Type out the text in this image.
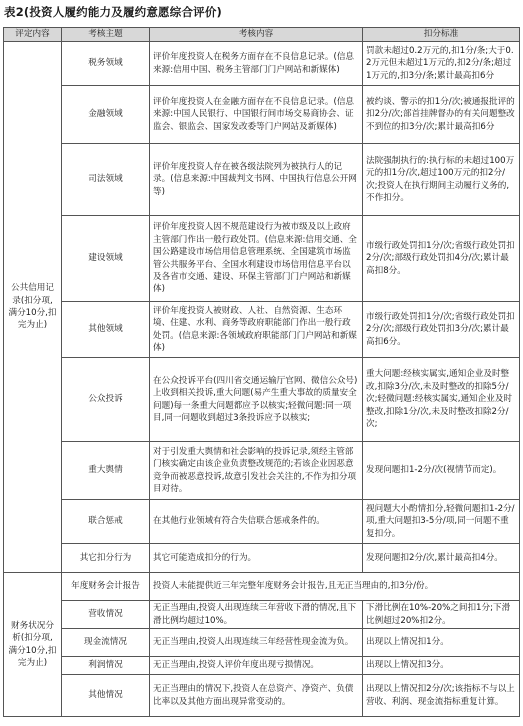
表2(投资人履约能力及履约意愿综合评价)
评定内容	考核主题	考核内容	扣分标准
公共信用记录(扣分项,满分10分,扣完为止)	税务领域	评价年度投资人在税务方面存在不良信息记录。(信息来源:信用中国、税务主管部门门户网站和新媒体)	罚款未超过0.2万元的,扣1分/条;大于0.2万元但未超过1万元的,扣2分/条;超过1万元的,扣3分/条;累计最高扣6分
	金融领域	评价年度投资人在金融方面存在不良信息记录。(信息来源:中国人民银行、中国银行间市场交易商协会、证监会、银监会、国家发改委等门户网站及新媒体)	被约谈、警示的扣1分/次;被通报批评的扣2分/次;部首挂牌督办的有关问题整改不到位的扣3分/次;累计最高扣6分
	司法领域	评价年度投资人存在被各级法院列为被执行人的记录。(信息来源:中国裁判文书网、中国执行信息公开网等)	法院强制执行的:执行标的未超过100万元的扣1分/次,超过100万元的扣2分/次;投资人在执行期间主动履行义务的,不作扣分。
	建设领域	评价年度投资人因不规范建设行为被市级及以上政府主管部门作出一般行政处罚。(信息来源:信用交通、全国公路建设市场信用信息管理系统、全国建筑市场监管公共服务平台、全国水利建设市场信用信息平台以及各省市交通、建设、环保主管部门门户网站和新媒体)	市级行政处罚扣1分/次;省级行政处罚扣2分/次;部级行政处罚扣4分/次;累计最高扣8分。
	其他领域	评价年度投资人被财政、人社、自然资源、生态环境、住建、水利、商务等政府职能部门作出一般行政处罚。(信息来源:各领域政府职能部门门户网站和新媒体)	市级行政处罚扣1分/次;省级行政处罚扣2分/次;部级行政处罚扣3分/次;累计最高扣6分。
	公众投诉	在公众投诉平台(四川省交通运输厅官网、微信公众号)上收到相关投诉,重大问题(易产生重大事故的质量安全问题)每一条重大问题都应予以核实;轻微问题:同一项目,同一问题收到超过3条投诉应予以核实;	重大问题:经核实属实,通知企业及时整改,扣除3分/次,未及时整改的扣除5分/次;轻微问题:经核实属实,通知企业及时整改,扣除1分/次,未及时整改扣除2分/次;
	重大舆情	对于引发重大舆情和社会影响的投诉记录,须经主管部门核实确定由该企业负责整改规范的;若该企业因恶意竞争而被恶意投诉,故意引发社会关注的,不作为扣分项目对待。	发现问题扣1-2分/次(视情节而定)。
	联合惩戒	在其他行业领域有符合失信联合惩戒条件的。	视问题大小酌情扣分,轻微问题扣1-2分/项,重大问题扣3-5分/项,同一问题不重复扣分。
	其它扣分行为	其它可能造成扣分的行为。	发现问题扣2分/次,累计最高扣4分。
财务状况分析(扣分项,满分10分,扣完为止)	年度财务会计报告	投资人未能提供近三年完整年度财务会计报告,且无正当理由的,扣3分/份。	
	营收情况	无正当理由,投资人出现连续三年营收下滑的情况,且下滑比例均超过10%。	下滑比例在10%-20%之间扣1分;下滑比例超过20%扣2分。
	现金流情况	无正当理由,投资人出现连续三年经营性现金流为负。	出现以上情况扣1分。
	利润情况	无正当理由,投资人评价年度出现亏损情况。	出现以上情况扣3分。
	其他情况	无正当理由的情况下,投资人在总资产、净资产、负债比率以及其他方面出现异常变动的。	出现以上情况扣2分/次;该指标不与以上营收、利润、现金流指标重复计算。
